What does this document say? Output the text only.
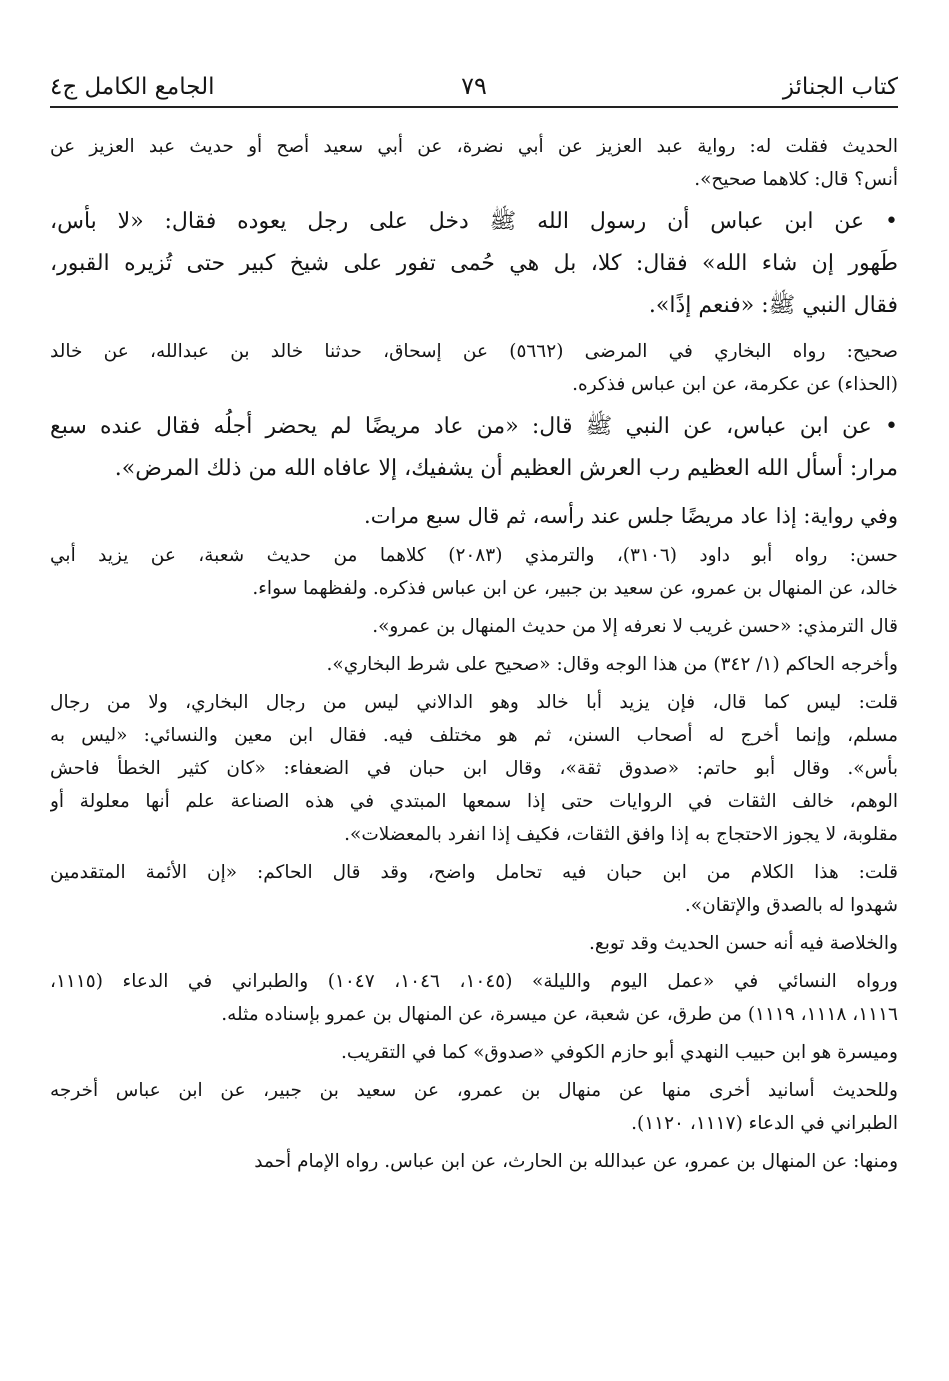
كتاب الجنائز
٧٩
الجامع الكامل ج٤
الحديث فقلت له: رواية عبد العزيز عن أبي نضرة، عن أبي سعيد أصح أو حديث عبد العزيز عن
أنس؟ قال: كلاهما صحيح».
• عن ابن عباس أن رسول الله ﷺ دخل على رجل يعوده فقال: «لا بأس،
طَهور إن شاء الله» فقال: كلا، بل هي حُمى تفور على شيخ كبير حتى تُزيره القبور،
فقال النبي ﷺ: «فنعم إذًا».
صحيح: رواه البخاري في المرضى (٥٦٦٢) عن إسحاق، حدثنا خالد بن عبدالله، عن خالد
(الحذاء) عن عكرمة، عن ابن عباس فذكره.
• عن ابن عباس، عن النبي ﷺ قال: «من عاد مريضًا لم يحضر أجلُه فقال عنده سبع
مرار: أسأل الله العظيم رب العرش العظيم أن يشفيك، إلا عافاه الله من ذلك المرض».
وفي رواية: إذا عاد مريضًا جلس عند رأسه، ثم قال سبع مرات.
حسن: رواه أبو داود (٣١٠٦)، والترمذي (٢٠٨٣) كلاهما من حديث شعبة، عن يزيد أبي
خالد، عن المنهال بن عمرو، عن سعيد بن جبير، عن ابن عباس فذكره. ولفظهما سواء.
قال الترمذي: «حسن غريب لا نعرفه إلا من حديث المنهال بن عمرو».
وأخرجه الحاكم (١/ ٣٤٢) من هذا الوجه وقال: «صحيح على شرط البخاري».
قلت: ليس كما قال، فإن يزيد أبا خالد وهو الدالاني ليس من رجال البخاري، ولا من رجال
مسلم، وإنما أخرج له أصحاب السنن، ثم هو مختلف فيه. فقال ابن معين والنسائي: «ليس به
بأس». وقال أبو حاتم: «صدوق ثقة»، وقال ابن حبان في الضعفاء: «كان كثير الخطأ فاحش
الوهم، خالف الثقات في الروايات حتى إذا سمعها المبتدي في هذه الصناعة علم أنها معلولة أو
مقلوبة، لا يجوز الاحتجاج به إذا وافق الثقات، فكيف إذا انفرد بالمعضلات».
قلت: هذا الكلام من ابن حبان فيه تحامل واضح، وقد قال الحاكم: «إن الأئمة المتقدمين
شهدوا له بالصدق والإتقان».
والخلاصة فيه أنه حسن الحديث وقد توبع.
ورواه النسائي في «عمل اليوم والليلة» (١٠٤٥، ١٠٤٦، ١٠٤٧) والطبراني في الدعاء (١١١٥،
١١١٦، ١١١٨، ١١١٩) من طرق، عن شعبة، عن ميسرة، عن المنهال بن عمرو بإسناده مثله.
وميسرة هو ابن حبيب النهدي أبو حازم الكوفي «صدوق» كما في التقريب.
وللحديث أسانيد أخرى منها عن منهال بن عمرو، عن سعيد بن جبير، عن ابن عباس أخرجه
الطبراني في الدعاء (١١١٧، ١١٢٠).
ومنها: عن المنهال بن عمرو، عن عبدالله بن الحارث، عن ابن عباس. رواه الإمام أحمد
